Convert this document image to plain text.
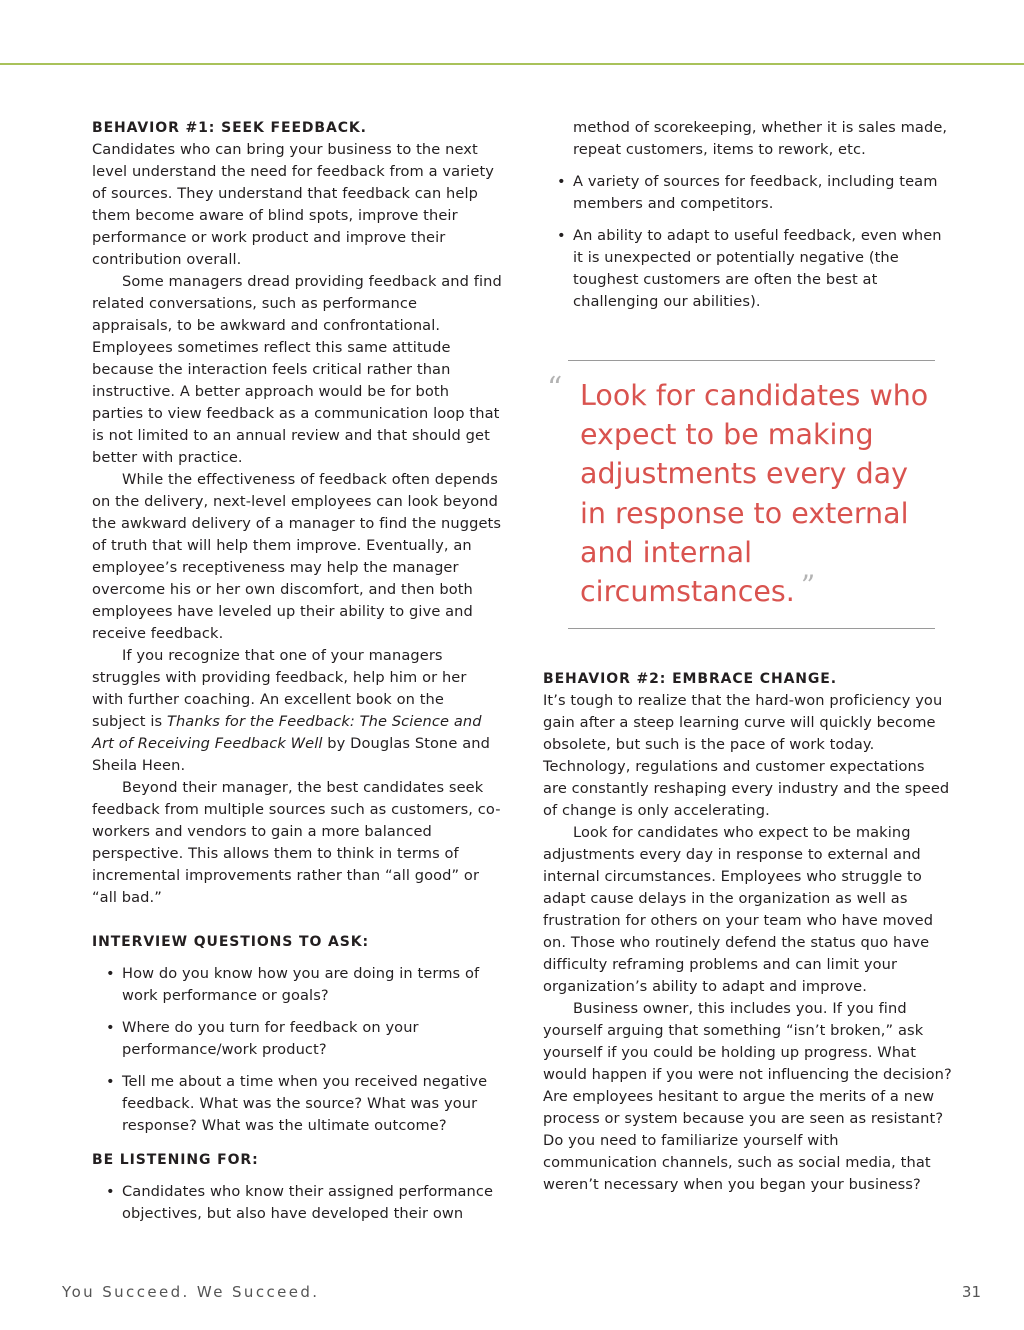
BEHAVIOR #1: SEEK FEEDBACK.

Candidates who can bring your business to the next level understand the need for feedback from a variety of sources. They understand that feedback can help them become aware of blind spots, improve their performance or work product and improve their contribution overall.

Some managers dread providing feedback and find related conversations, such as performance appraisals, to be awkward and confrontational. Employees sometimes reflect this same attitude because the interaction feels critical rather than instructive. A better approach would be for both parties to view feedback as a communication loop that is not limited to an annual review and that should get better with practice.

While the effectiveness of feedback often depends on the delivery, next-level employees can look beyond the awkward delivery of a manager to find the nuggets of truth that will help them improve. Eventually, an employee’s receptiveness may help the manager overcome his or her own discomfort, and then both employees have leveled up their ability to give and receive feedback.

If you recognize that one of your managers struggles with providing feedback, help him or her with further coaching. An excellent book on the subject is Thanks for the Feedback: The Science and Art of Receiving Feedback Well by Douglas Stone and Sheila Heen.

Beyond their manager, the best candidates seek feedback from multiple sources such as customers, co-workers and vendors to gain a more balanced perspective. This allows them to think in terms of incremental improvements rather than “all good” or “all bad.”

INTERVIEW QUESTIONS TO ASK:
• How do you know how you are doing in terms of work performance or goals?
• Where do you turn for feedback on your performance/work product?
• Tell me about a time when you received negative feedback. What was the source? What was your response? What was the ultimate outcome?
BE LISTENING FOR:
• Candidates who know their assigned performance objectives, but also have developed their own

method of scorekeeping, whether it is sales made, repeat customers, items to rework, etc.

• A variety of sources for feedback, including team members and competitors.
• An ability to adapt to useful feedback, even when it is unexpected or potentially negative (the toughest customers are often the best at challenging our abilities).
“ Look for candidates who expect to be making adjustments every day in response to external and internal circumstances. ”
BEHAVIOR #2: EMBRACE CHANGE.

It’s tough to realize that the hard-won proficiency you gain after a steep learning curve will quickly become obsolete, but such is the pace of work today. Technology, regulations and customer expectations are constantly reshaping every industry and the speed of change is only accelerating.

Look for candidates who expect to be making adjustments every day in response to external and internal circumstances. Employees who struggle to adapt cause delays in the organization as well as frustration for others on your team who have moved on. Those who routinely defend the status quo have difficulty reframing problems and can limit your organization’s ability to adapt and improve.

Business owner, this includes you. If you find yourself arguing that something “isn’t broken,” ask yourself if you could be holding up progress. What would happen if you were not influencing the decision? Are employees hesitant to argue the merits of a new process or system because you are seen as resistant? Do you need to familiarize yourself with communication channels, such as social media, that weren’t necessary when you began your business?

You Succeed. We Succeed.	31
